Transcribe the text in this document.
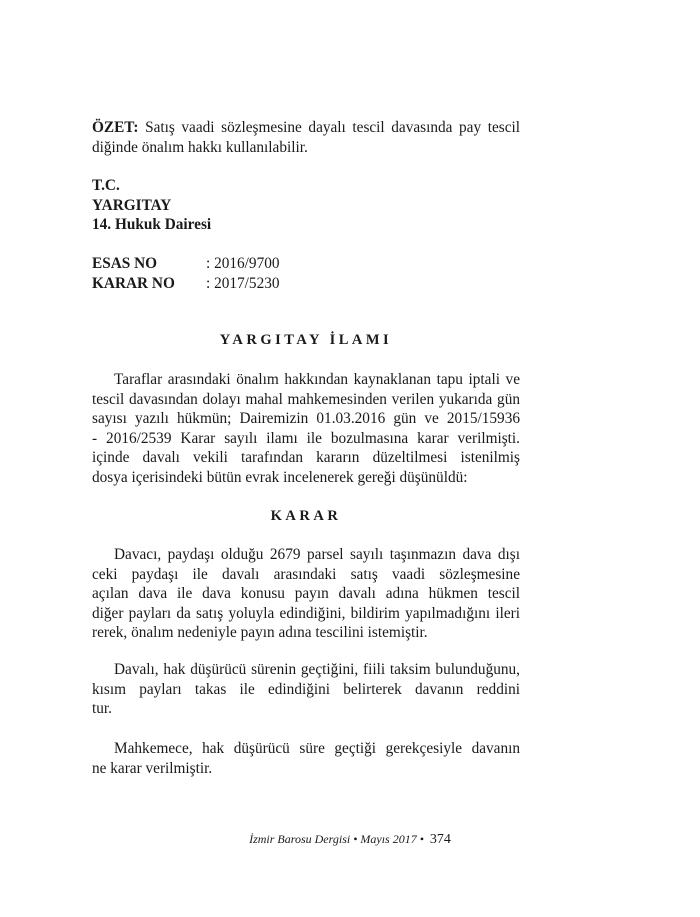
ÖZET: Satış vaadi sözleşmesine dayalı tescil davasında pay tescil
diğinde önalım hakkı kullanılabilir.
T.C.
YARGITAY
14. Hukuk Dairesi
ESAS NO	: 2016/9700
KARAR NO : 2017/5230
YARGITAY İLAMI
Taraflar arasındaki önalım hakkından kaynaklanan tapu iptali ve
tescil davasından dolayı mahal mahkemesinden verilen yukarıda gün
sayısı yazılı hükmün; Dairemizin 01.03.2016 gün ve 2015/15936
- 2016/2539 Karar sayılı ilamı ile bozulmasına karar verilmişti.
içinde davalı vekili tarafından kararın düzeltilmesi istenilmiş
dosya içerisindeki bütün evrak incelenerek gereği düşünüldü:
KARAR
Davacı, paydaşı olduğu 2679 parsel sayılı taşınmazın dava dışı
ceki paydaşı ile davalı arasındaki satış vaadi sözleşmesine
açılan dava ile dava konusu payın davalı adına hükmen tescil
diğer payları da satış yoluyla edindiğini, bildirim yapılmadığını ileri
rerek, önalım nedeniyle payın adına tescilini istemiştir.
Davalı, hak düşürücü sürenin geçtiğini, fiili taksim bulunduğunu,
kısım payları takas ile edindiğini belirterek davanın reddini
tur.
Mahkemece, hak düşürücü süre geçtiği gerekçesiyle davanın
ne karar verilmiştir.
İzmir Barosu Dergisi • Mayıs 2017 • 374
